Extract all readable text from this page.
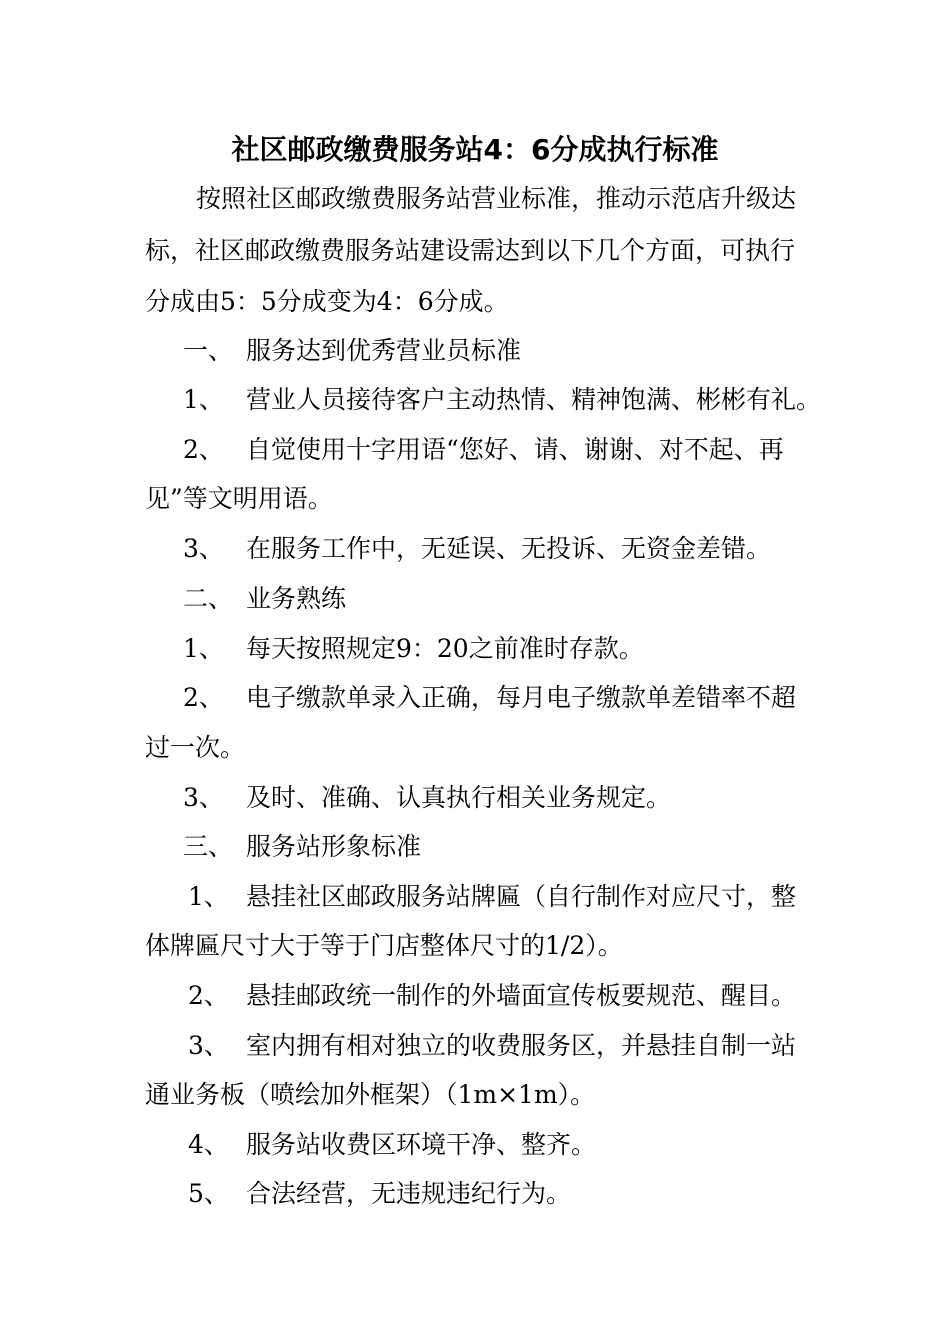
社区邮政缴费服务站4：6分成执行标准
按照社区邮政缴费服务站营业标准，推动示范店升级达
标，社区邮政缴费服务站建设需达到以下几个方面，可执行
分成由5：5分成变为4：6分成。
一、 服务达到优秀营业员标准
1、 营业人员接待客户主动热情、精神饱满、彬彬有礼。
2、 自觉使用十字用语“您好、请、谢谢、对不起、再
见”等文明用语。
3、 在服务工作中，无延误、无投诉、无资金差错。
二、 业务熟练
1、 每天按照规定9：20之前准时存款。
2、 电子缴款单录入正确，每月电子缴款单差错率不超
过一次。
3、 及时、准确、认真执行相关业务规定。
三、 服务站形象标准
1、 悬挂社区邮政服务站牌匾（自行制作对应尺寸，整
体牌匾尺寸大于等于门店整体尺寸的1/2）。
2、 悬挂邮政统一制作的外墙面宣传板要规范、醒目。
3、 室内拥有相对独立的收费服务区，并悬挂自制一站
通业务板（喷绘加外框架）（1m×1m）。
4、 服务站收费区环境干净、整齐。
5、 合法经营，无违规违纪行为。
